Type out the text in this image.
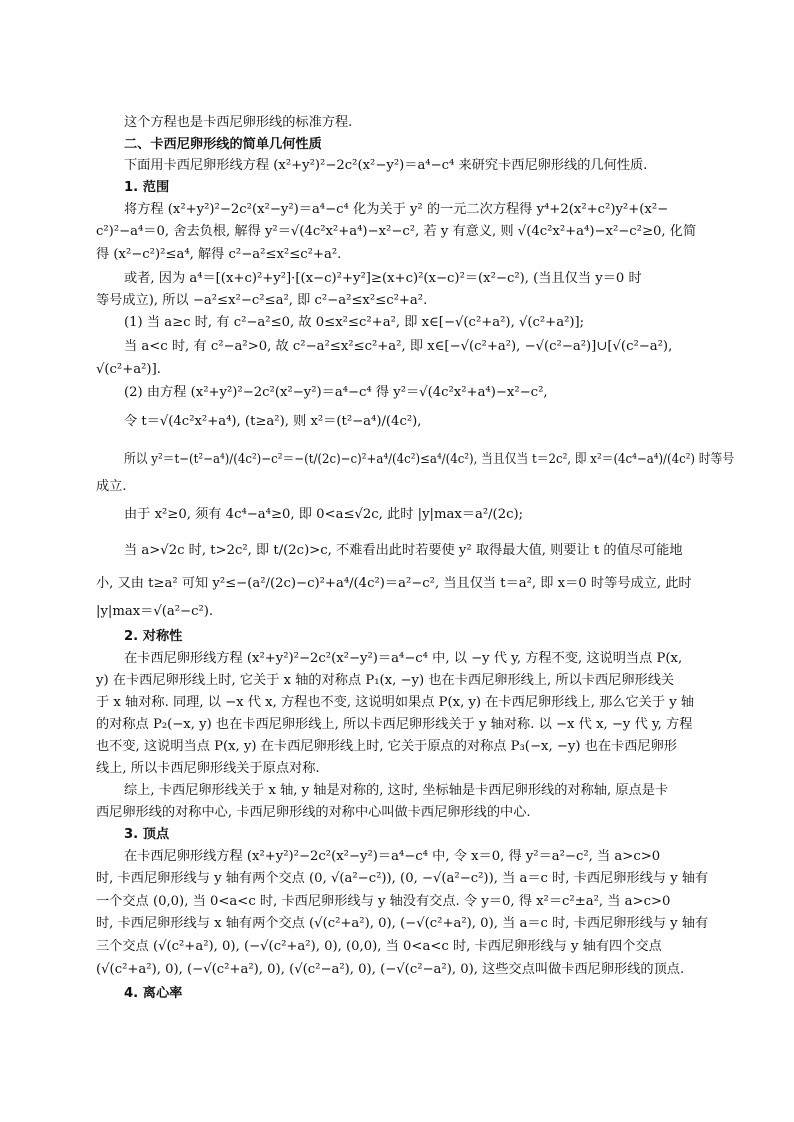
这个方程也是卡西尼卵形线的标准方程.
二、卡西尼卵形线的简单几何性质
下面用卡西尼卵形线方程 (x²+y²)²−2c²(x²−y²)＝a⁴−c⁴ 来研究卡西尼卵形线的几何性质.
1. 范围
将方程 (x²+y²)²−2c²(x²−y²)＝a⁴−c⁴ 化为关于 y² 的一元二次方程得 y⁴+2(x²+c²)y²+(x²−
c²)²−a⁴＝0, 舍去负根, 解得 y²＝√(4c²x²+a⁴)−x²−c², 若 y 有意义, 则 √(4c²x²+a⁴)−x²−c²≥0, 化简
得 (x²−c²)²≤a⁴, 解得 c²−a²≤x²≤c²+a².
或者, 因为 a⁴＝[(x+c)²+y²]·[(x−c)²+y²]≥(x+c)²(x−c)²＝(x²−c²), (当且仅当 y＝0 时
等号成立), 所以 −a²≤x²−c²≤a², 即 c²−a²≤x²≤c²+a².
(1) 当 a≥c 时, 有 c²−a²≤0, 故 0≤x²≤c²+a², 即 x∈[−√(c²+a²), √(c²+a²)];
当 a<c 时, 有 c²−a²>0, 故 c²−a²≤x²≤c²+a², 即 x∈[−√(c²+a²), −√(c²−a²)]∪[√(c²−a²),
√(c²+a²)].
(2) 由方程 (x²+y²)²−2c²(x²−y²)＝a⁴−c⁴ 得 y²＝√(4c²x²+a⁴)−x²−c²,
令 t＝√(4c²x²+a⁴), (t≥a²), 则 x²＝(t²−a⁴)/(4c²),
所以 y²＝t−(t²−a⁴)/(4c²)−c²＝−(t/(2c)−c)²+a⁴/(4c²)≤a⁴/(4c²), 当且仅当 t＝2c², 即 x²＝(4c⁴−a⁴)/(4c²) 时等号
成立.
由于 x²≥0, 须有 4c⁴−a⁴≥0, 即 0<a≤√2c, 此时 |y|max＝a²/(2c);
当 a>√2c 时, t>2c², 即 t/(2c)>c, 不难看出此时若要使 y² 取得最大值, 则要让 t 的值尽可能地
小, 又由 t≥a² 可知 y²≤−(a²/(2c)−c)²+a⁴/(4c²)＝a²−c², 当且仅当 t＝a², 即 x＝0 时等号成立, 此时
|y|max＝√(a²−c²).
2. 对称性
在卡西尼卵形线方程 (x²+y²)²−2c²(x²−y²)＝a⁴−c⁴ 中, 以 −y 代 y, 方程不变, 这说明当点 P(x,
y) 在卡西尼卵形线上时, 它关于 x 轴的对称点 P₁(x, −y) 也在卡西尼卵形线上, 所以卡西尼卵形线关
于 x 轴对称. 同理, 以 −x 代 x, 方程也不变, 这说明如果点 P(x, y) 在卡西尼卵形线上, 那么它关于 y 轴
的对称点 P₂(−x, y) 也在卡西尼卵形线上, 所以卡西尼卵形线关于 y 轴对称. 以 −x 代 x, −y 代 y, 方程
也不变, 这说明当点 P(x, y) 在卡西尼卵形线上时, 它关于原点的对称点 P₃(−x, −y) 也在卡西尼卵形
线上, 所以卡西尼卵形线关于原点对称.
综上, 卡西尼卵形线关于 x 轴, y 轴是对称的, 这时, 坐标轴是卡西尼卵形线的对称轴, 原点是卡
西尼卵形线的对称中心, 卡西尼卵形线的对称中心叫做卡西尼卵形线的中心.
3. 顶点
在卡西尼卵形线方程 (x²+y²)²−2c²(x²−y²)＝a⁴−c⁴ 中, 令 x＝0, 得 y²＝a²−c², 当 a>c>0
时, 卡西尼卵形线与 y 轴有两个交点 (0, √(a²−c²)), (0, −√(a²−c²)), 当 a＝c 时, 卡西尼卵形线与 y 轴有
一个交点 (0,0), 当 0<a<c 时, 卡西尼卵形线与 y 轴没有交点. 令 y＝0, 得 x²＝c²±a², 当 a>c>0
时, 卡西尼卵形线与 x 轴有两个交点 (√(c²+a²), 0), (−√(c²+a²), 0), 当 a＝c 时, 卡西尼卵形线与 y 轴有
三个交点 (√(c²+a²), 0), (−√(c²+a²), 0), (0,0), 当 0<a<c 时, 卡西尼卵形线与 y 轴有四个交点
(√(c²+a²), 0), (−√(c²+a²), 0), (√(c²−a²), 0), (−√(c²−a²), 0), 这些交点叫做卡西尼卵形线的顶点.
4. 离心率
